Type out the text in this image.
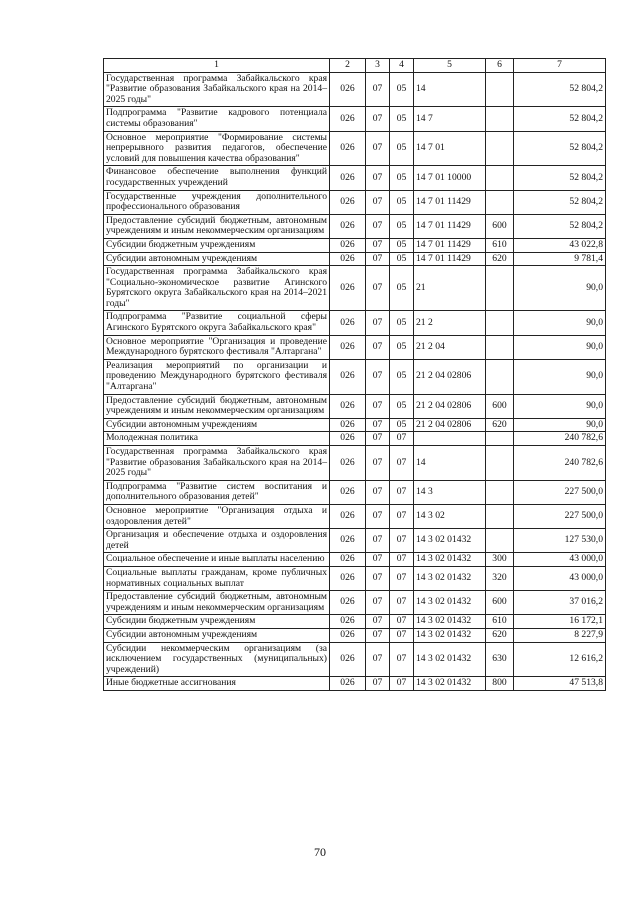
1	2	3	4	5	6	7
Государственная программа Забайкальского края "Развитие образования Забайкальского края на 2014–2025 годы"	026	07	05	14		52 804,2
Подпрограмма "Развитие кадрового потенциала системы образования"	026	07	05	14 7		52 804,2
Основное мероприятие "Формирование системы непрерывного развития педагогов, обеспечение условий для повышения качества образования"	026	07	05	14 7 01		52 804,2
Финансовое обеспечение выполнения функций государственных учреждений	026	07	05	14 7 01 10000		52 804,2
Государственные учреждения дополнительного профессионального образования	026	07	05	14 7 01 11429		52 804,2
Предоставление субсидий бюджетным, автономным учреждениям и иным некоммерческим организациям	026	07	05	14 7 01 11429	600	52 804,2
Субсидии бюджетным учреждениям	026	07	05	14 7 01 11429	610	43 022,8
Субсидии автономным учреждениям	026	07	05	14 7 01 11429	620	9 781,4
Государственная программа Забайкальского края "Социально-экономическое развитие Агинского Бурятского округа Забайкальского края на 2014–2021 годы"	026	07	05	21		90,0
Подпрограмма "Развитие социальной сферы Агинского Бурятского округа Забайкальского края"	026	07	05	21 2		90,0
Основное мероприятие "Организация и проведение Международного бурятского фестиваля "Алтаргана"	026	07	05	21 2 04		90,0
Реализация мероприятий по организации и проведению Международного бурятского фестиваля "Алтаргана"	026	07	05	21 2 04 02806		90,0
Предоставление субсидий бюджетным, автономным учреждениям и иным некоммерческим организациям	026	07	05	21 2 04 02806	600	90,0
Субсидии автономным учреждениям	026	07	05	21 2 04 02806	620	90,0
Молодежная политика	026	07	07			240 782,6
Государственная программа Забайкальского края "Развитие образования Забайкальского края на 2014–2025 годы"	026	07	07	14		240 782,6
Подпрограмма "Развитие систем воспитания и дополнительного образования детей"	026	07	07	14 3		227 500,0
Основное мероприятие "Организация отдыха и оздоровления детей"	026	07	07	14 3 02		227 500,0
Организация и обеспечение отдыха и оздоровления детей	026	07	07	14 3 02 01432		127 530,0
Социальное обеспечение и иные выплаты населению	026	07	07	14 3 02 01432	300	43 000,0
Социальные выплаты гражданам, кроме публичных нормативных социальных выплат	026	07	07	14 3 02 01432	320	43 000,0
Предоставление субсидий бюджетным, автономным учреждениям и иным некоммерческим организациям	026	07	07	14 3 02 01432	600	37 016,2
Субсидии бюджетным учреждениям	026	07	07	14 3 02 01432	610	16 172,1
Субсидии автономным учреждениям	026	07	07	14 3 02 01432	620	8 227,9
Субсидии некоммерческим организациям (за исключением государственных (муниципальных) учреждений)	026	07	07	14 3 02 01432	630	12 616,2
Иные бюджетные ассигнования	026	07	07	14 3 02 01432	800	47 513,8
70
